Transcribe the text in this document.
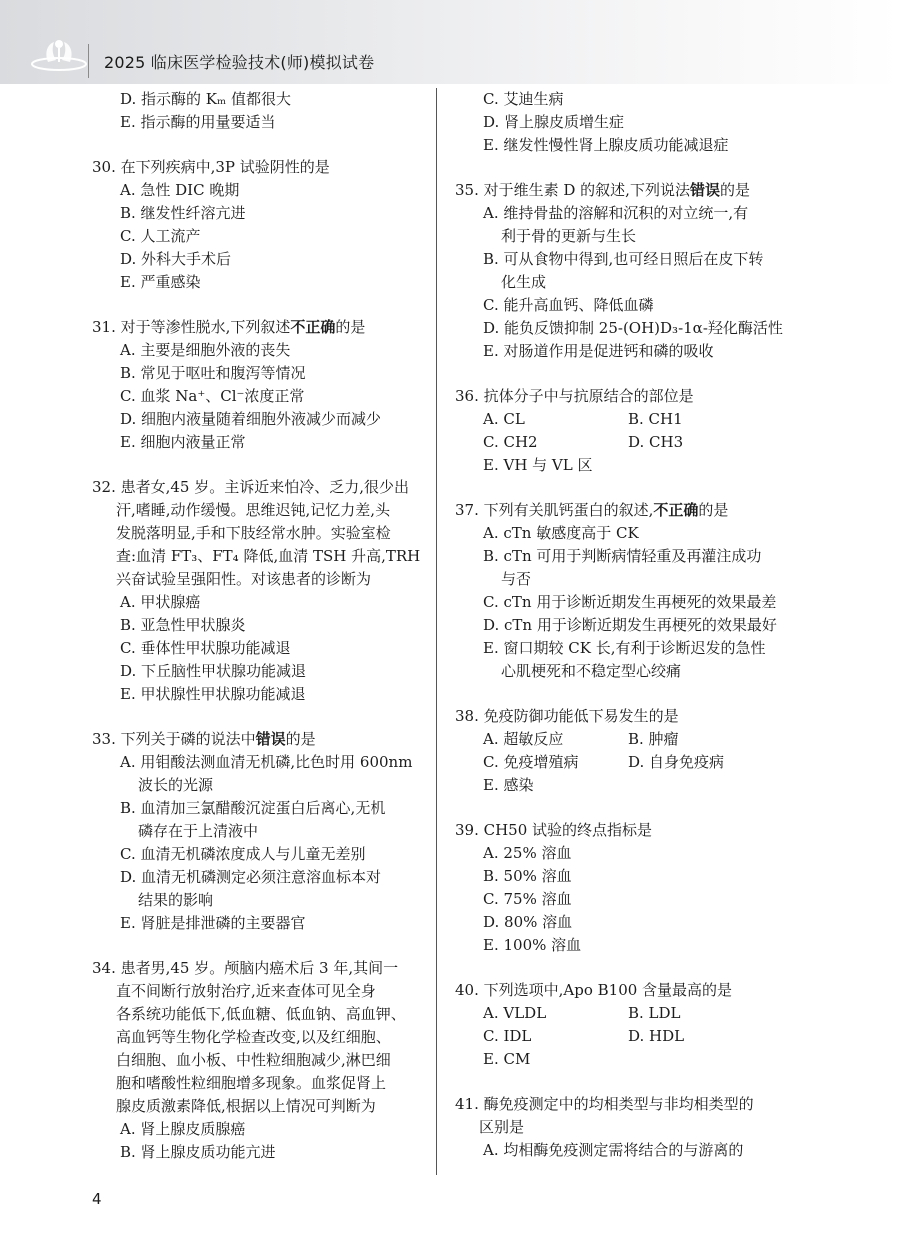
2025 临床医学检验技术(师)模拟试卷
D. 指示酶的 Kₘ 值都很大
E. 指示酶的用量要适当
30. 在下列疾病中,3P 试验阴性的是
A. 急性 DIC 晚期
B. 继发性纤溶亢进
C. 人工流产
D. 外科大手术后
E. 严重感染
31. 对于等渗性脱水,下列叙述不正确的是
A. 主要是细胞外液的丧失
B. 常见于呕吐和腹泻等情况
C. 血浆 Na⁺、Cl⁻浓度正常
D. 细胞内液量随着细胞外液减少而减少
E. 细胞内液量正常
32. 患者女,45 岁。主诉近来怕冷、乏力,很少出
汗,嗜睡,动作缓慢。思维迟钝,记忆力差,头
发脱落明显,手和下肢经常水肿。实验室检
查:血清 FT₃、FT₄ 降低,血清 TSH 升高,TRH
兴奋试验呈强阳性。对该患者的诊断为
A. 甲状腺癌
B. 亚急性甲状腺炎
C. 垂体性甲状腺功能减退
D. 下丘脑性甲状腺功能减退
E. 甲状腺性甲状腺功能减退
33. 下列关于磷的说法中错误的是
A. 用钼酸法测血清无机磷,比色时用 600nm
波长的光源
B. 血清加三氯醋酸沉淀蛋白后离心,无机
磷存在于上清液中
C. 血清无机磷浓度成人与儿童无差别
D. 血清无机磷测定必须注意溶血标本对
结果的影响
E. 肾脏是排泄磷的主要器官
34. 患者男,45 岁。颅脑内癌术后 3 年,其间一
直不间断行放射治疗,近来查体可见全身
各系统功能低下,低血糖、低血钠、高血钾、
高血钙等生物化学检查改变,以及红细胞、
白细胞、血小板、中性粒细胞减少,淋巴细
胞和嗜酸性粒细胞增多现象。血浆促肾上
腺皮质激素降低,根据以上情况可判断为
A. 肾上腺皮质腺癌
B. 肾上腺皮质功能亢进
C. 艾迪生病
D. 肾上腺皮质增生症
E. 继发性慢性肾上腺皮质功能减退症
35. 对于维生素 D 的叙述,下列说法错误的是
A. 维持骨盐的溶解和沉积的对立统一,有
利于骨的更新与生长
B. 可从食物中得到,也可经日照后在皮下转
化生成
C. 能升高血钙、降低血磷
D. 能负反馈抑制 25-(OH)D₃-1α-羟化酶活性
E. 对肠道作用是促进钙和磷的吸收
36. 抗体分子中与抗原结合的部位是
A. CL	B. CH1
C. CH2	D. CH3
E. VH 与 VL 区
37. 下列有关肌钙蛋白的叙述,不正确的是
A. cTn 敏感度高于 CK
B. cTn 可用于判断病情轻重及再灌注成功
与否
C. cTn 用于诊断近期发生再梗死的效果最差
D. cTn 用于诊断近期发生再梗死的效果最好
E. 窗口期较 CK 长,有利于诊断迟发的急性
心肌梗死和不稳定型心绞痛
38. 免疫防御功能低下易发生的是
A. 超敏反应	B. 肿瘤
C. 免疫增殖病	D. 自身免疫病
E. 感染
39. CH50 试验的终点指标是
A. 25% 溶血
B. 50% 溶血
C. 75% 溶血
D. 80% 溶血
E. 100% 溶血
40. 下列选项中,Apo B100 含量最高的是
A. VLDL	B. LDL
C. IDL	D. HDL
E. CM
41. 酶免疫测定中的均相类型与非均相类型的
区别是
A. 均相酶免疫测定需将结合的与游离的
4
